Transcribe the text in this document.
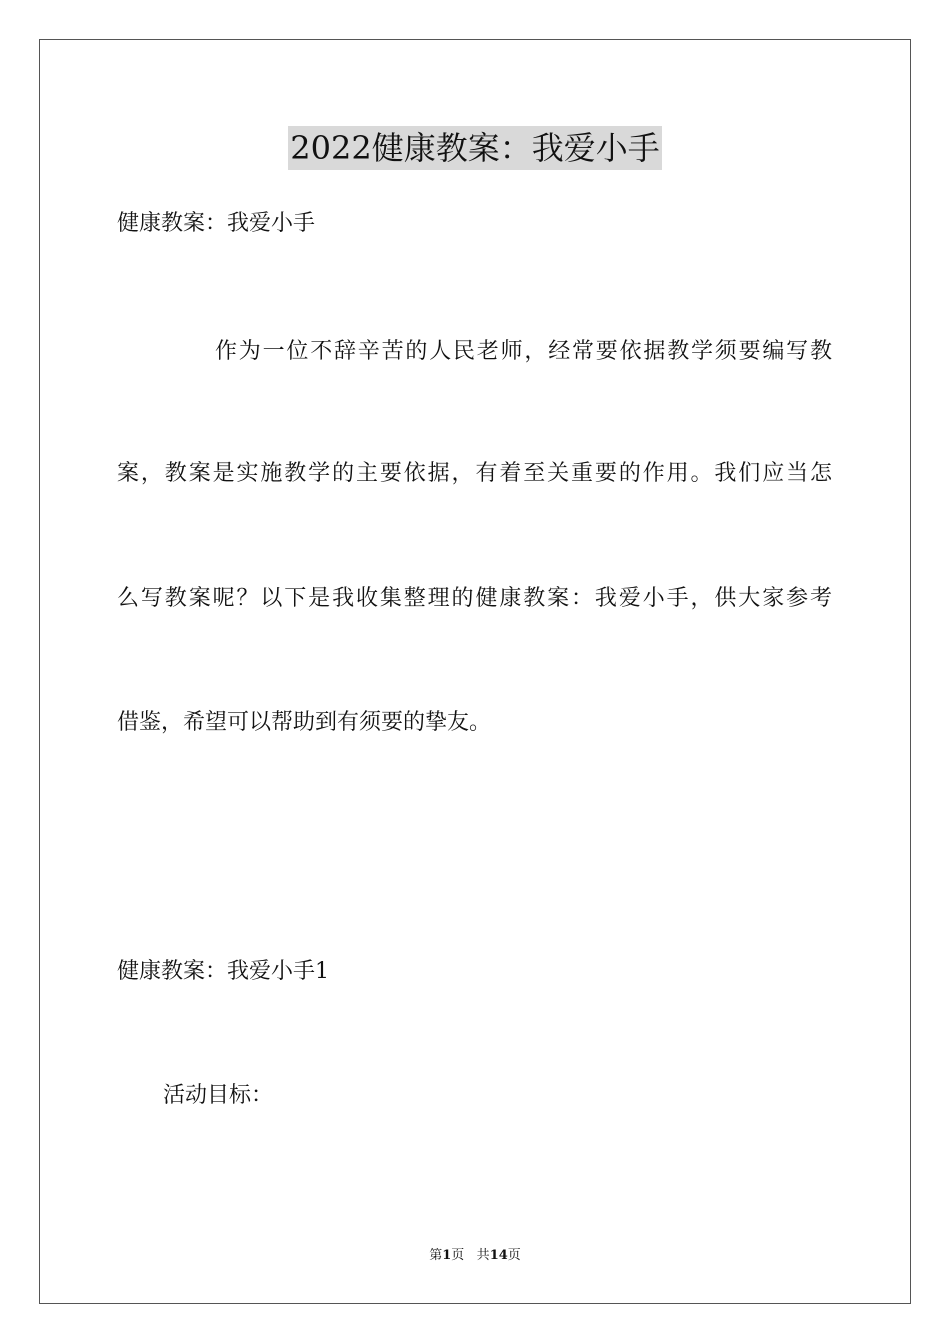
2022健康教案：我爱小手
健康教案：我爱小手
作为一位不辞辛苦的人民老师，经常要依据教学须要编写教
案，教案是实施教学的主要依据，有着至关重要的作用。我们应当怎
么写教案呢？以下是我收集整理的健康教案：我爱小手，供大家参考
借鉴，希望可以帮助到有须要的挚友。
健康教案：我爱小手1
活动目标：
第1页 共14页
